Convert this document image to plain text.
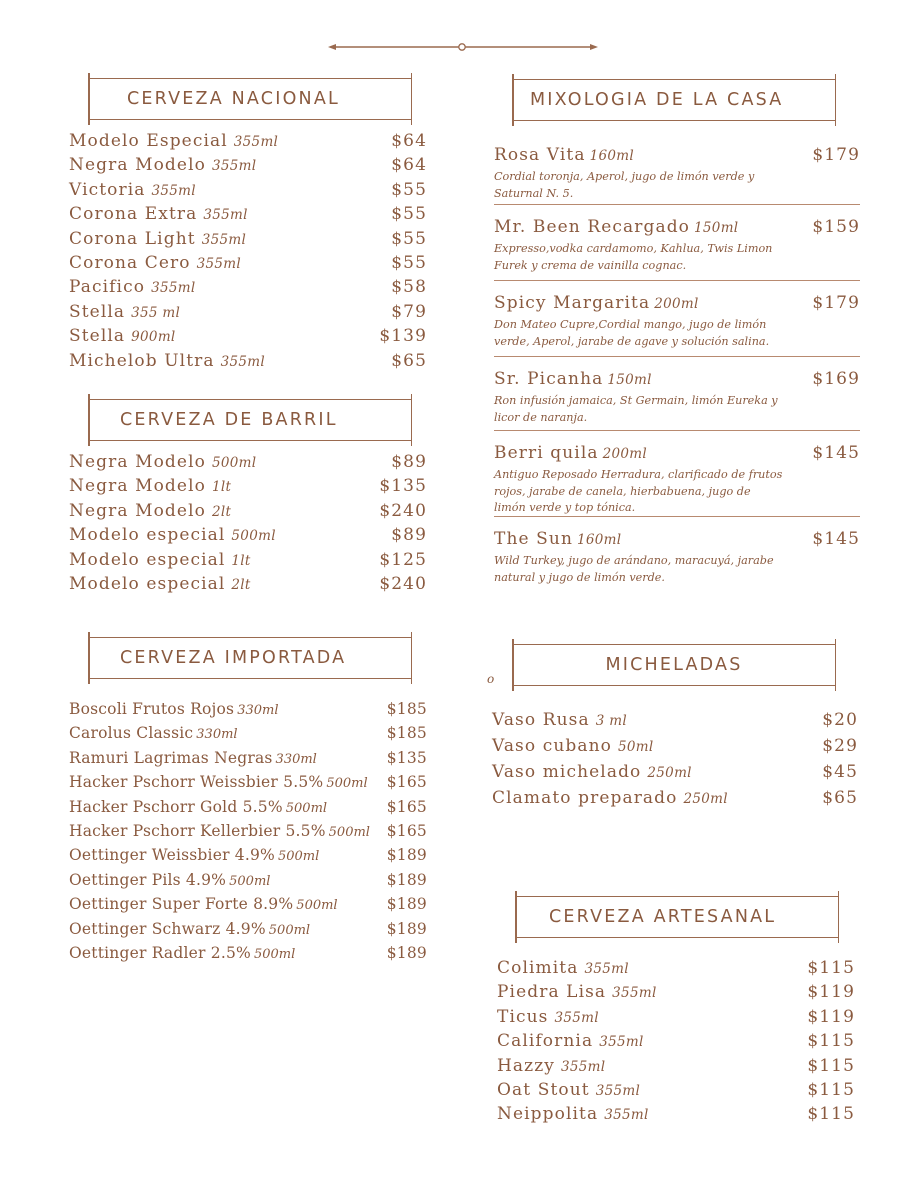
CERVEZA NACIONAL
Modelo Especial 355ml	$64
Negra Modelo 355ml	$64
Victoria 355ml	$55
Corona Extra 355ml	$55
Corona Light 355ml	$55
Corona Cero 355ml	$55
Pacifico 355ml	$58
Stella 355 ml	$79
Stella 900ml	$139
Michelob Ultra 355ml	$65
CERVEZA DE BARRIL
Negra Modelo 500ml	$89
Negra Modelo 1lt	$135
Negra Modelo 2lt	$240
Modelo especial 500ml	$89
Modelo especial 1lt	$125
Modelo especial 2lt	$240
CERVEZA IMPORTADA
Boscoli Frutos Rojos 330ml	$185
Carolus Classic 330ml	$185
Ramuri Lagrimas Negras 330ml	$135
Hacker Pschorr Weissbier 5.5% 500ml $165
Hacker Pschorr Gold 5.5% 500ml	$165
Hacker Pschorr Kellerbier 5.5% 500ml $165
Oettinger Weissbier 4.9% 500ml	$189
Oettinger Pils 4.9% 500ml	$189
Oettinger Super Forte 8.9% 500ml	$189
Oettinger Schwarz 4.9% 500ml	$189
Oettinger Radler 2.5% 500ml	$189
MIXOLOGIA DE LA CASA
Rosa Vita 160ml	$179
Cordial toronja, Aperol, jugo de limón verde y Saturnal N. 5.
Mr. Been Recargado 150ml	$159
Expresso,vodka cardamomo, Kahlua, Twis Limon Furek y crema de vainilla cognac.
Spicy Margarita 200ml	$179
Don Mateo Cupre,Cordial mango, jugo de limón verde, Aperol, jarabe de agave y solución salina.
Sr. Picanha 150ml	$169
Ron infusión jamaica, St Germain, limón Eureka y licor de naranja.
Berri quila 200ml	$145
Antiguo Reposado Herradura, clarificado de frutos rojos, jarabe de canela, hierbabuena, jugo de limón verde y top tónica.
The Sun 160ml	$145
Wild Turkey, jugo de arándano, maracuyá, jarabe natural y jugo de limón verde.
o
MICHELADAS
Vaso Rusa 3 ml	$20
Vaso cubano 50ml	$29
Vaso michelado 250ml	$45
Clamato preparado 250ml	$65
CERVEZA ARTESANAL
Colimita 355ml	$115
Piedra Lisa 355ml	$119
Ticus 355ml	$119
California 355ml	$115
Hazzy 355ml	$115
Oat Stout 355ml	$115
Neippolita 355ml	$115
